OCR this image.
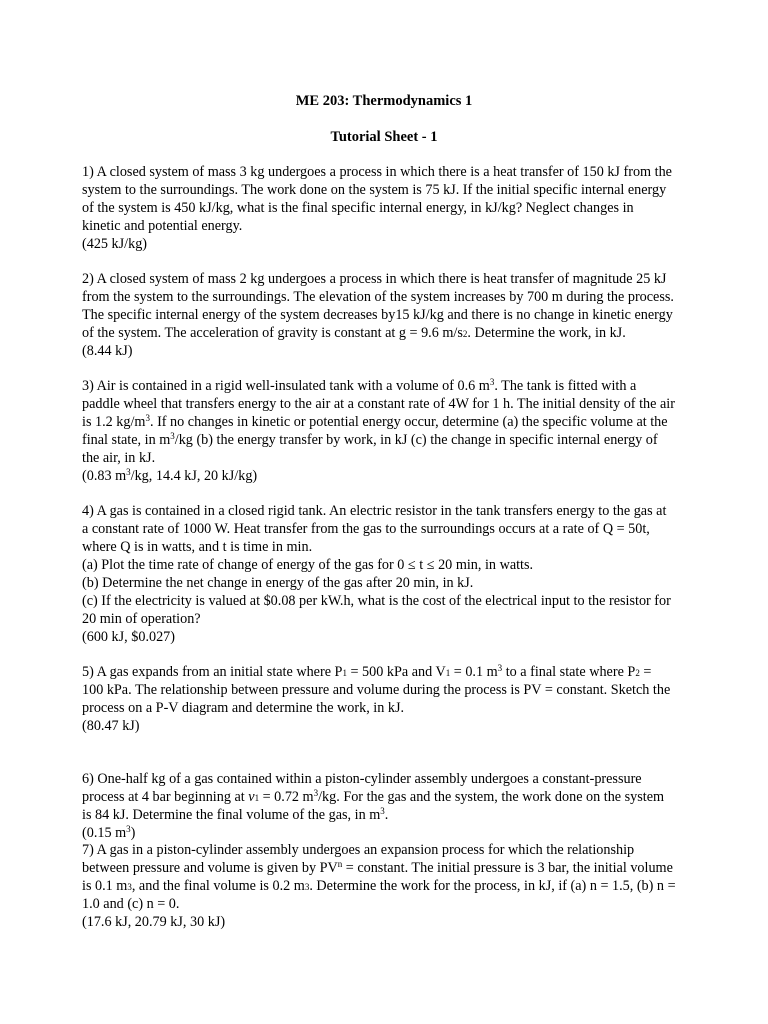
ME 203: Thermodynamics 1
Tutorial Sheet - 1
1) A closed system of mass 3 kg undergoes a process in which there is a heat transfer of 150 kJ from the
system to the surroundings. The work done on the system is 75 kJ. If the initial specific internal energy
of the system is 450 kJ/kg, what is the final specific internal energy, in kJ/kg? Neglect changes in
kinetic and potential energy.
(425 kJ/kg)
2) A closed system of mass 2 kg undergoes a process in which there is heat transfer of magnitude 25 kJ
from the system to the surroundings. The elevation of the system increases by 700 m during the process.
The specific internal energy of the system decreases by15 kJ/kg and there is no change in kinetic energy
of the system. The acceleration of gravity is constant at g = 9.6 m/s2. Determine the work, in kJ.
(8.44 kJ)
3) Air is contained in a rigid well-insulated tank with a volume of 0.6 $m^3$. The tank is fitted with a
paddle wheel that transfers energy to the air at a constant rate of 4W for 1 h. The initial density of the air
is 1.2 $kg/m^3$. If no changes in kinetic or potential energy occur, determine (a) the specific volume at the
final state, in $m^3/kg$ (b) the energy transfer by work, in kJ (c) the change in specific internal energy of
the air, in kJ.
(0.83 $m^3/kg$, 14.4 kJ, 20 kJ/kg)
4) A gas is contained in a closed rigid tank. An electric resistor in the tank transfers energy to the gas at
a constant rate of 1000 W. Heat transfer from the gas to the surroundings occurs at a rate of Q = 50t,
where Q is in watts, and t is time in min.
(a) Plot the time rate of change of energy of the gas for 0 ≤ t ≤ 20 min, in watts.
(b) Determine the net change in energy of the gas after 20 min, in kJ.
(c) If the electricity is valued at $0.08 per kW.h, what is the cost of the electrical input to the resistor for
20 min of operation?
(600 kJ, $0.027)
5) A gas expands from an initial state where P1 = 500 kPa and V1 = 0.1 $m^3$ to a final state where P2 =
100 kPa. The relationship between pressure and volume during the process is PV = constant. Sketch the
process on a P-V diagram and determine the work, in kJ.
(80.47 kJ)
6) One-half kg of a gas contained within a piston-cylinder assembly undergoes a constant-pressure
process at 4 bar beginning at v1 = 0.72 $m^3/kg$. For the gas and the system, the work done on the system
is 84 kJ. Determine the final volume of the gas, in $m^3$.
(0.15 $m^3$)
7) A gas in a piston-cylinder assembly undergoes an expansion process for which the relationship
between pressure and volume is given by $PV^n$ = constant. The initial pressure is 3 bar, the initial volume
is 0.1 m3, and the final volume is 0.2 m3. Determine the work for the process, in kJ, if (a) n = 1.5, (b) n =
1.0 and (c) n = 0.
(17.6 kJ, 20.79 kJ, 30 kJ)
